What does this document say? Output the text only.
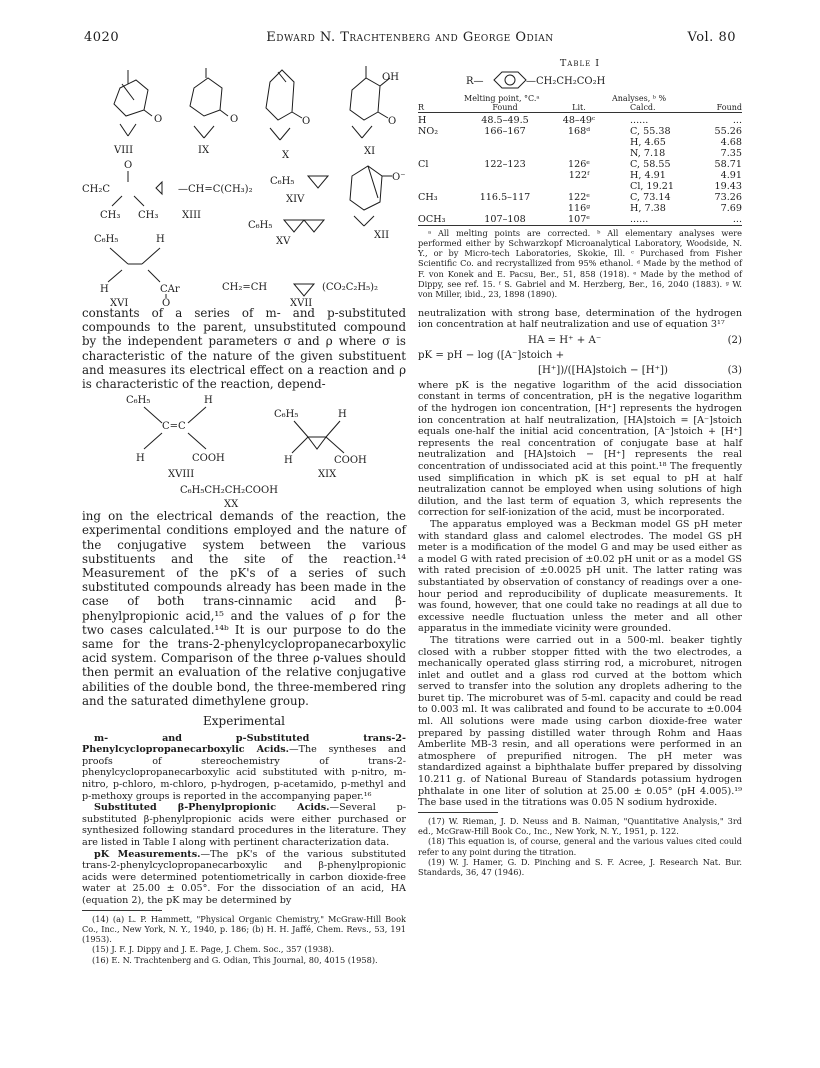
4020	Edward N. Trachtenberg and George Odian	Vol. 80
O
VIII
O
IX
O
X
OH
O
XI
O
CH₂C	—CH=C(CH₃)₂
CH₃ CH₃ XIII
C₆H₅
XIV
O⁻
XII
C₆H₅
XV
C₆H₅	H
H	CAr
O
XVI
CH₂=CH	(CO₂C₂H₅)₂
XVII

constants of a series of m- and p-substituted compounds to the parent, unsubstituted compound by the independent parameters σ and ρ where σ is characteristic of the nature of the given substituent and measures its electrical effect on a reaction and ρ is characteristic of the reaction, depend-

C₆H₅	H
C=C
H	COOH
XVIII
C₆H₅	H
H	COOH
XIX
C₆H₅CH₂CH₂COOH
XX

ing on the electrical demands of the reaction, the experimental conditions employed and the nature of the conjugative system between the various substituents and the site of the reaction.¹⁴ Measurement of the pK's of a series of such substituted compounds already has been made in the case of both trans-cinnamic acid and β-phenylpropionic acid,¹⁵ and the values of ρ for the two cases calculated.¹⁴ᵇ It is our purpose to do the same for the trans-2-phenylcyclopropanecarboxylic acid system. Comparison of the three ρ-values should then permit an evaluation of the relative conjugative abilities of the double bond, the three-membered ring and the saturated dimethylene group.

Experimental

m- and p-Substituted trans-2-Phenylcyclopropanecarboxylic Acids.—The syntheses and proofs of stereochemistry of trans-2-phenylcyclopropanecarboxylic acid substituted with p-nitro, m-nitro, p-chloro, m-chloro, p-hydrogen, p-acetamido, p-methyl and p-methoxy groups is reported in the accompanying paper.¹⁶

Substituted β-Phenylpropionic Acids.—Several p-substituted β-phenylpropionic acids were either purchased or synthesized following standard procedures in the literature. They are listed in Table I along with pertinent characterization data.

pK Measurements.—The pK's of the various substituted trans-2-phenylcyclopropanecarboxylic and β-phenylpropionic acids were determined potentiometrically in carbon dioxide-free water at 25.00 ± 0.05°. For the dissociation of an acid, HA (equation 2), the pK may be determined by

(14) (a) L. P. Hammett, "Physical Organic Chemistry," McGraw-Hill Book Co., Inc., New York, N. Y., 1940, p. 186; (b) H. H. Jaffé, Chem. Revs., 53, 191 (1953).

(15) J. F. J. Dippy and J. E. Page, J. Chem. Soc., 357 (1938).

(16) E. N. Trachtenberg and G. Odian, This Journal, 80, 4015 (1958).

Table I
R—	—CH₂CH₂CO₂H
	Melting point, °C.ᵃ		Analyses, ᵇ %	
R	Found	Lit.	Calcd.	Found

H	48.5–49.5	48–49ᶜ	......	...
NO₂	166–167	168ᵈ	C, 55.38	55.26
			H, 4.65	4.68
			N, 7.18	7.35
Cl	122–123	126ᵉ	C, 58.55	58.71
		122ᶠ	H, 4.91	4.91
			Cl, 19.21	19.43
CH₃	116.5–117	122ᵉ	C, 73.14	73.26
		116ᵍ	H, 7.38	7.69
OCH₃	107–108	107ᵉ	......	...

ᵃ All melting points are corrected. ᵇ All elementary analyses were performed either by Schwarzkopf Microanalytical Laboratory, Woodside, N. Y., or by Micro-tech Laboratories, Skokie, Ill. ᶜ Purchased from Fisher Scientific Co. and recrystallized from 95% ethanol. ᵈ Made by the method of F. von Konek and E. Pacsu, Ber., 51, 858 (1918). ᵉ Made by the method of Dippy, see ref. 15. ᶠ S. Gabriel and M. Herzberg, Ber., 16, 2040 (1883). ᵍ W. von Miller, ibid., 23, 1898 (1890).

neutralization with strong base, determination of the hydrogen ion concentration at half neutralization and use of equation 3¹⁷

HA = H⁺ + A⁻	(2)
pK = pH − log ([A⁻]stoich +
[H⁺])/([HA]stoich − [H⁺])	(3)

where pK is the negative logarithm of the acid dissociation constant in terms of concentration, pH is the negative logarithm of the hydrogen ion concentration, [H⁺] represents the hydrogen ion concentration at half neutralization, [HA]stoich = [A⁻]stoich equals one-half the initial acid concentration, [A⁻]stoich + [H⁺] represents the real concentration of conjugate base at half neutralization and [HA]stoich − [H⁺] represents the real concentration of undissociated acid at this point.¹⁸ The frequently used simplification in which pK is set equal to pH at half neutralization cannot be employed when using solutions of high dilution, and the last term of equation 3, which represents the correction for self-ionization of the acid, must be incorporated.

The apparatus employed was a Beckman model GS pH meter with standard glass and calomel electrodes. The model GS pH meter is a modification of the model G and may be used either as a model G with rated precision of ±0.02 pH unit or as a model GS with rated precision of ±0.0025 pH unit. The latter rating was substantiated by observation of constancy of readings over a one-hour period and reproducibility of duplicate measurements. It was found, however, that one could take no readings at all due to excessive needle fluctuation unless the meter and all other apparatus in the immediate vicinity were grounded.

The titrations were carried out in a 500-ml. beaker tightly closed with a rubber stopper fitted with the two electrodes, a mechanically operated glass stirring rod, a microburet, nitrogen inlet and outlet and a glass rod curved at the bottom which served to transfer into the solution any droplets adhering to the buret tip. The microburet was of 5-ml. capacity and could be read to 0.003 ml. It was calibrated and found to be accurate to ±0.004 ml. All solutions were made using carbon dioxide-free water prepared by passing distilled water through Rohm and Haas Amberlite MB-3 resin, and all operations were performed in an atmosphere of prepurified nitrogen. The pH meter was standardized against a biphthalate buffer prepared by dissolving 10.211 g. of National Bureau of Standards potassium hydrogen phthalate in one liter of solution at 25.00 ± 0.05° (pH 4.005).¹⁹ The base used in the titrations was 0.05 N sodium hydroxide.

(17) W. Rieman, J. D. Neuss and B. Naiman, "Quantitative Analysis," 3rd ed., McGraw-Hill Book Co., Inc., New York, N. Y., 1951, p. 122.

(18) This equation is, of course, general and the various values cited could refer to any point during the titration.

(19) W. J. Hamer, G. D. Pinching and S. F. Acree, J. Research Nat. Bur. Standards, 36, 47 (1946).
